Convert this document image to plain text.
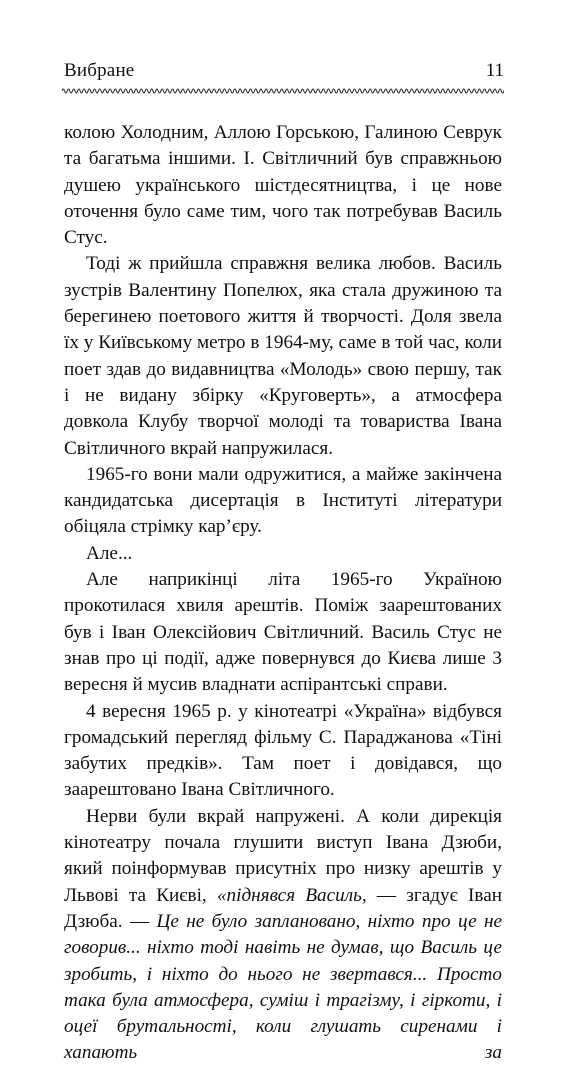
Вибране	11

колою Холодним, Аллою Горською, Галиною Севрук та багатьма іншими. І. Світличний був справжньою душею українського шістдесятництва, і це нове оточення було саме тим, чого так потребував Василь Стус.

Тоді ж прийшла справжня велика любов. Василь зустрів Валентину Попелюх, яка стала дружиною та берегинею поетового життя й творчості. Доля звела їх у Київському метро в 1964-му, саме в той час, коли поет здав до видавництва «Молодь» свою першу, так і не видану збірку «Круговерть», а атмосфера довкола Клубу творчої молоді та товариства Івана Світличного вкрай напружилася.

1965-го вони мали одружитися, а майже закінчена кандидатська дисертація в Інституті літератури обіцяла стрімку кар’єру.

Але...

Але наприкінці літа 1965-го Україною прокотилася хвиля арештів. Поміж заарештованих був і Іван Олексійович Світличний. Василь Стус не знав про ці події, адже повернувся до Києва лише 3 вересня й мусив владнати аспірантські справи.

4 вересня 1965 р. у кінотеатрі «Україна» відбувся громадський перегляд фільму С. Параджанова «Тіні забутих предків». Там поет і довідався, що заарештовано Івана Світличного.

Нерви були вкрай напружені. А коли дирекція кінотеатру почала глушити виступ Івана Дзюби, який поінформував присутніх про низку арештів у Львові та Києві, «піднявся Василь, — згадує Іван Дзюба. — Це не було заплановано, ніхто про це не говорив... ніхто тоді навіть не думав, що Василь це зробить, і ніхто до нього не звертався... Просто така була атмосфера, суміш і трагізму, і гіркоти, і оцеї брутальності, коли глушать сиренами і хапають за
